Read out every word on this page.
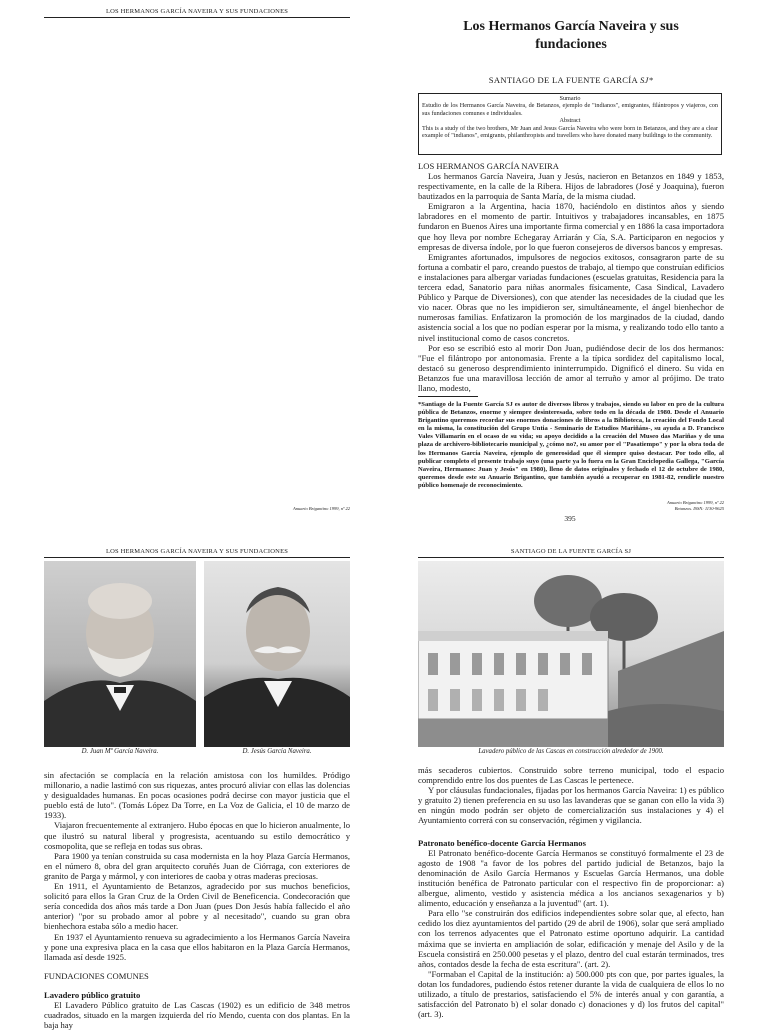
LOS HERMANOS GARCÍA NAVEIRA Y SUS FUNDACIONES
Anuario Brigantino 1999, nº 22
Los Hermanos García Naveira y sus
fundaciones
SANTIAGO DE LA FUENTE GARCÍA SJ*
Sumario
Estudio de los Hermanos García Naveira, de Betanzos, ejemplo de "indianos", emigrantes, filántropos y viajeros, con sus fundaciones comunes e individuales.
Abstract
This is a study of the two brothers, Mr Juan and Jesus García Naveira who were born in Betanzos, and they are a clear example of "indianos", emigrants, philanthropists and travellers who have donated many buildings to the community.
LOS HERMANOS GARCÍA NAVEIRA

Los hermanos García Naveira, Juan y Jesús, nacieron en Betanzos en 1849 y 1853, respectivamente, en la calle de la Ribera. Hijos de labradores (José y Joaquina), fueron bautizados en la parroquia de Santa María, de la misma ciudad.

Emigraron a la Argentina, hacia 1870, haciéndolo en distintos años y siendo labradores en el momento de partir. Intuitivos y trabajadores incansables, en 1875 fundaron en Buenos Aires una importante firma comercial y en 1886 la casa importadora que hoy lleva por nombre Echegaray Arriarán y Cía, S.A. Participaron en negocios y empresas de diversa índole, por lo que fueron consejeros de diversos bancos y empresas.

Emigrantes afortunados, impulsores de negocios exitosos, consagraron parte de su fortuna a combatir el paro, creando puestos de trabajo, al tiempo que construían edificios e instalaciones para albergar variadas fundaciones (escuelas gratuitas, Residencia para la tercera edad, Sanatorio para niñas anormales físicamente, Casa Sindical, Lavadero Público y Parque de Diversiones), con que atender las necesidades de la ciudad que les vio nacer. Obras que no les impidieron ser, simultáneamente, el ángel bienhechor de numerosas familias. Enfatizaron la promoción de los marginados de la ciudad, dando asistencia social a los que no podían esperar por la misma, y realizando todo ello tanto a nivel institucional como de casos concretos.

Por eso se escribió esto al morir Don Juan, pudiéndose decir de los dos hermanos: "Fue el filántropo por antonomasia. Frente a la típica sordidez del capitalismo local, destacó su generoso desprendimiento ininterrumpido. Dignificó el dinero. Su vida en Betanzos fue una maravillosa lección de amor al terruño y amor al prójimo. De trato llano, modesto,

*Santiago de la Fuente García SJ es autor de diversos libros y trabajos, siendo su labor en pro de la cultura pública de Betanzos, enorme y siempre desinteresada, sobre todo en la década de 1980. Desde el Anuario Brigantino queremos recordar sus enormes donaciones de libros a la Biblioteca, la creación del Fondo Local en la misma, la constitución del Grupo Untia - Seminario de Estudios Mariñáns-, su ayuda a D. Francisco Vales Villamarín en el ocaso de su vida; su apoyo decidido a la creación del Museo das Mariñas y de una plaza de archivero-bibliotecario municipal y, ¿cómo no?, su amor por el "Pasatiempo" y por la obra toda de los Hermanos García Naveira, ejemplo de generosidad que él siempre quiso destacar. Por todo ello, al publicar completo el presente trabajo suyo (una parte ya lo fuera en la Gran Enciclopedia Gallega, "García Naveira, Hermanos: Juan y Jesús" en 1980), lleno de datos originales y fechado el 12 de octubre de 1980, queremos desde este su Anuario Brigantino, que también ayudó a recuperar en 1981-82, rendirle nuestro público homenaje de reconocimiento.
Anuario Brigantino 1999, nº 22
Betanzos. ISSN: 1130-9625
395
LOS HERMANOS GARCÍA NAVEIRA Y SUS FUNDACIONES
D. Juan Mª García Naveira.	D. Jesús García Naveira.

sin afectación se complacía en la relación amistosa con los humildes. Pródigo millonario, a nadie lastimó con sus riquezas, antes procuró aliviar con ellas las dolencias y desigualdades humanas. En pocas ocasiones podrá decirse con mayor justicia que el pueblo está de luto". (Tomás López Da Torre, en La Voz de Galicia, el 10 de marzo de 1933).

Viajaron frecuentemente al extranjero. Hubo épocas en que lo hicieron anualmente, lo que ilustró su natural liberal y progresista, acentuando su estilo democrático y cosmopolita, que se refleja en todas sus obras.

Para 1900 ya tenían construida su casa modernista en la hoy Plaza García Hermanos, en el número 8, obra del gran arquitecto coruñés Juan de Ciórraga, con exteriores de granito de Parga y mármol, y con interiores de caoba y otras maderas preciosas.

En 1911, el Ayuntamiento de Betanzos, agradecido por sus muchos beneficios, solicitó para ellos la Gran Cruz de la Orden Civil de Beneficencia. Condecoración que sería concedida dos años más tarde a Don Juan (pues Don Jesús había fallecido el año anterior) "por su probado amor al pobre y al necesitado", cuando su gran obra bienhechora estaba sólo a medio hacer.

En 1937 el Ayuntamiento renueva su agradecimiento a los Hermanos García Naveira y pone una expresiva placa en la casa que ellos habitaron en la Plaza García Hermanos, llamada así desde 1925.

FUNDACIONES COMUNES
Lavadero público gratuito

El Lavadero Público gratuito de Las Cascas (1902) es un edificio de 348 metros cuadrados, situado en la margen izquierda del río Mendo, cuenta con dos plantas. En la baja hay

SANTIAGO DE LA FUENTE GARCÍA SJ
Lavadero público de las Cascas en construcción alrededor de 1900.

más secaderos cubiertos. Construido sobre terreno municipal, todo el espacio comprendido entre los dos puentes de Las Cascas le pertenece.

Y por cláusulas fundacionales, fijadas por los hermanos García Naveira: 1) es público y gratuito 2) tienen preferencia en su uso las lavanderas que se ganan con ello la vida 3) en ningún modo podrán ser objeto de comercialización sus instalaciones y 4) el Ayuntamiento correrá con su conservación, régimen y vigilancia.

Patronato benéfico-docente García Hermanos

El Patronato benéfico-docente García Hermanos se constituyó formalmente el 23 de agosto de 1908 "a favor de los pobres del partido judicial de Betanzos, bajo la denominación de Asilo García Hermanos y Escuelas García Hermanos, una doble institución benéfica de Patronato particular con el respectivo fin de proporcionar: a) albergue, alimento, vestido y asistencia médica a los ancianos sexagenarios y b) alimento, educación y enseñanza a la juventud" (art. 1).

Para ello "se construirán dos edificios independientes sobre solar que, al efecto, han cedido los diez ayuntamientos del partido (29 de abril de 1906), solar que será ampliado con los terrenos adyacentes que el Patronato estime oportuno adquirir. La cantidad máxima que se invierta en ampliación de solar, edificación y menaje del Asilo y de la Escuela consistirá en 250.000 pesetas y el plazo, dentro del cual estarán terminados, tres años, contados desde la fecha de esta escritura". (art. 2).

"Formaban el Capital de la institución: a) 500.000 pts con que, por partes iguales, la dotan los fundadores, pudiendo éstos retener durante la vida de cualquiera de ellos lo no utilizado, a título de prestarios, satisfaciendo el 5% de interés anual y con garantía, a satisfacción del Patronato b) el solar donado c) donaciones y d) los frutos del capital" (art. 3).
